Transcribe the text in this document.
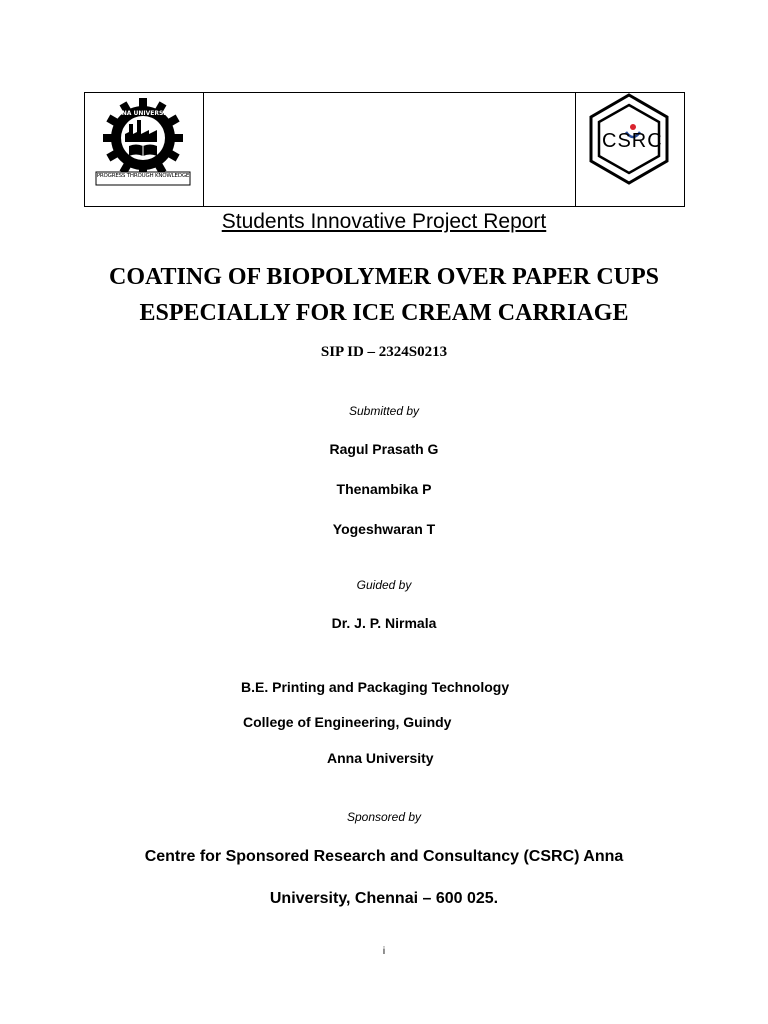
ANNA UNIVERSITY
PROGRESS THROUGH KNOWLEDGE
CSRC
Students Innovative Project Report
COATING OF BIOPOLYMER OVER PAPER CUPS
ESPECIALLY FOR ICE CREAM CARRIAGE
SIP ID – 2324S0213
Submitted by
Ragul Prasath G
Thenambika P
Yogeshwaran T
Guided by
Dr. J. P. Nirmala
B.E. Printing and Packaging Technology
College of Engineering, Guindy
Anna University
Sponsored by
Centre for Sponsored Research and Consultancy (CSRC) Anna
University, Chennai – 600 025.
i
